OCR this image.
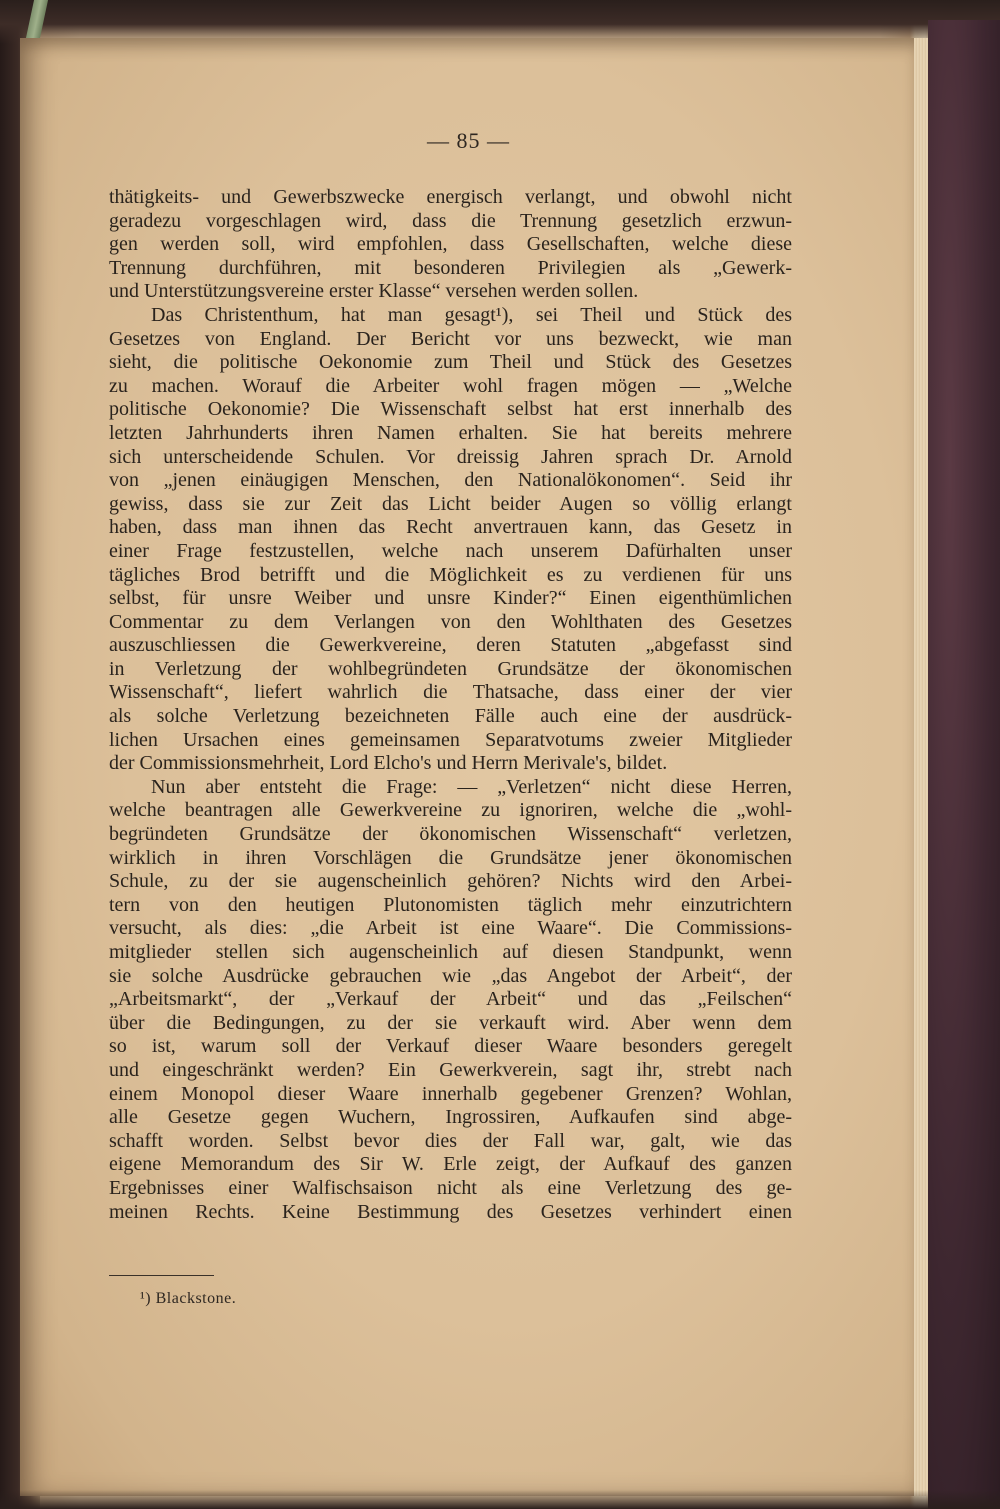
— 85 —
thätigkeits- und Gewerbszwecke energisch verlangt, und obwohl nicht
geradezu vorgeschlagen wird, dass die Trennung gesetzlich erzwun-
gen werden soll, wird empfohlen, dass Gesellschaften, welche diese
Trennung durchführen, mit besonderen Privilegien als „Gewerk-
und Unterstützungsvereine erster Klasse“ versehen werden sollen.
Das Christenthum, hat man gesagt¹), sei Theil und Stück des
Gesetzes von England. Der Bericht vor uns bezweckt, wie man
sieht, die politische Oekonomie zum Theil und Stück des Gesetzes
zu machen. Worauf die Arbeiter wohl fragen mögen — „Welche
politische Oekonomie? Die Wissenschaft selbst hat erst innerhalb des
letzten Jahrhunderts ihren Namen erhalten. Sie hat bereits mehrere
sich unterscheidende Schulen. Vor dreissig Jahren sprach Dr. Arnold
von „jenen einäugigen Menschen, den Nationalökonomen“. Seid ihr
gewiss, dass sie zur Zeit das Licht beider Augen so völlig erlangt
haben, dass man ihnen das Recht anvertrauen kann, das Gesetz in
einer Frage festzustellen, welche nach unserem Dafürhalten unser
tägliches Brod betrifft und die Möglichkeit es zu verdienen für uns
selbst, für unsre Weiber und unsre Kinder?“ Einen eigenthümlichen
Commentar zu dem Verlangen von den Wohlthaten des Gesetzes
auszuschliessen die Gewerkvereine, deren Statuten „abgefasst sind
in Verletzung der wohlbegründeten Grundsätze der ökonomischen
Wissenschaft“, liefert wahrlich die Thatsache, dass einer der vier
als solche Verletzung bezeichneten Fälle auch eine der ausdrück-
lichen Ursachen eines gemeinsamen Separatvotums zweier Mitglieder
der Commissionsmehrheit, Lord Elcho's und Herrn Merivale's, bildet.
Nun aber entsteht die Frage: — „Verletzen“ nicht diese Herren,
welche beantragen alle Gewerkvereine zu ignoriren, welche die „wohl-
begründeten Grundsätze der ökonomischen Wissenschaft“ verletzen,
wirklich in ihren Vorschlägen die Grundsätze jener ökonomischen
Schule, zu der sie augenscheinlich gehören? Nichts wird den Arbei-
tern von den heutigen Plutonomisten täglich mehr einzutrichtern
versucht, als dies: „die Arbeit ist eine Waare“. Die Commissions-
mitglieder stellen sich augenscheinlich auf diesen Standpunkt, wenn
sie solche Ausdrücke gebrauchen wie „das Angebot der Arbeit“, der
„Arbeitsmarkt“, der „Verkauf der Arbeit“ und das „Feilschen“
über die Bedingungen, zu der sie verkauft wird. Aber wenn dem
so ist, warum soll der Verkauf dieser Waare besonders geregelt
und eingeschränkt werden? Ein Gewerkverein, sagt ihr, strebt nach
einem Monopol dieser Waare innerhalb gegebener Grenzen? Wohlan,
alle Gesetze gegen Wuchern, Ingrossiren, Aufkaufen sind abge-
schafft worden. Selbst bevor dies der Fall war, galt, wie das
eigene Memorandum des Sir W. Erle zeigt, der Aufkauf des ganzen
Ergebnisses einer Walfischsaison nicht als eine Verletzung des ge-
meinen Rechts. Keine Bestimmung des Gesetzes verhindert einen
¹) Blackstone.
